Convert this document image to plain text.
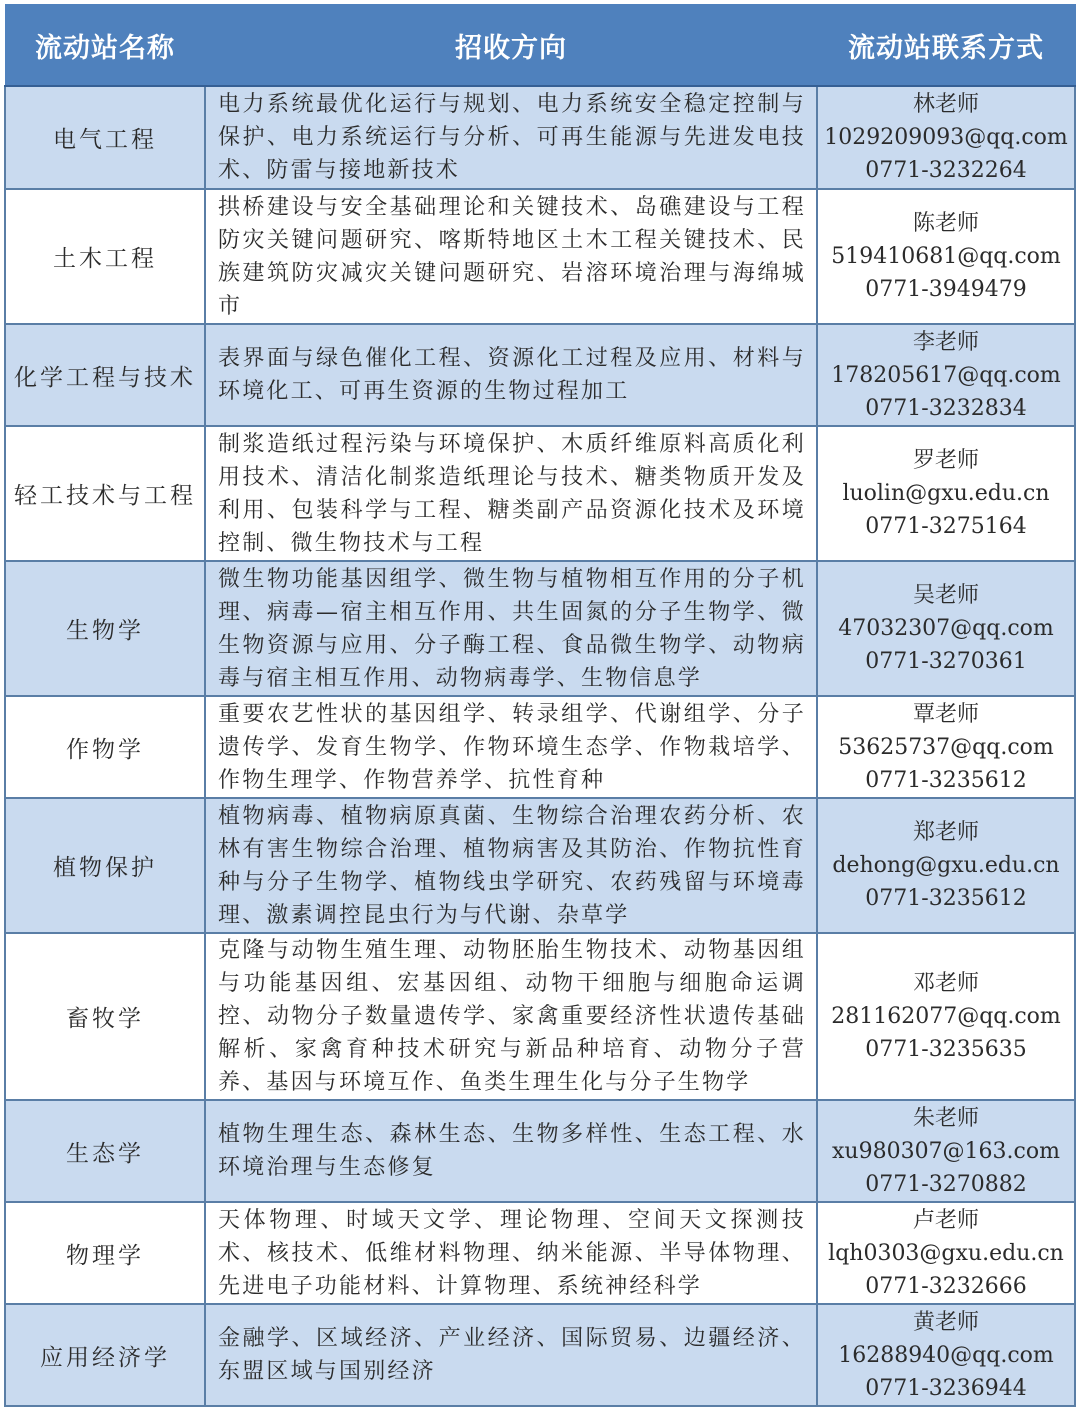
流动站名称	招收方向	流动站联系方式
电气工程	电力系统最优化运行与规划、电力系统安全稳定控制与保护、电力系统运行与分析、可再生能源与先进发电技术、防雷与接地新技术	林老师
1029209093@qq.com
0771-3232264

土木工程	拱桥建设与安全基础理论和关键技术、岛礁建设与工程防灾关键问题研究、喀斯特地区土木工程关键技术、民族建筑防灾减灾关键问题研究、岩溶环境治理与海绵城市	陈老师
519410681@qq.com
0771-3949479

化学工程与技术	表界面与绿色催化工程、资源化工过程及应用、材料与环境化工、可再生资源的生物过程加工	李老师
178205617@qq.com
0771-3232834

轻工技术与工程	制浆造纸过程污染与环境保护、木质纤维原料高质化利用技术、清洁化制浆造纸理论与技术、糖类物质开发及利用、包装科学与工程、糖类副产品资源化技术及环境控制、微生物技术与工程	罗老师
luolin@gxu.edu.cn
0771-3275164

生物学	微生物功能基因组学、微生物与植物相互作用的分子机理、病毒—宿主相互作用、共生固氮的分子生物学、微生物资源与应用、分子酶工程、食品微生物学、动物病毒与宿主相互作用、动物病毒学、生物信息学	吴老师
47032307@qq.com
0771-3270361

作物学	重要农艺性状的基因组学、转录组学、代谢组学、分子遗传学、发育生物学、作物环境生态学、作物栽培学、作物生理学、作物营养学、抗性育种	覃老师
53625737@qq.com
0771-3235612

植物保护	植物病毒、植物病原真菌、生物综合治理农药分析、农林有害生物综合治理、植物病害及其防治、作物抗性育种与分子生物学、植物线虫学研究、农药残留与环境毒理、激素调控昆虫行为与代谢、杂草学	郑老师
dehong@gxu.edu.cn
0771-3235612

畜牧学	克隆与动物生殖生理、动物胚胎生物技术、动物基因组与功能基因组、宏基因组、动物干细胞与细胞命运调控、动物分子数量遗传学、家禽重要经济性状遗传基础解析、家禽育种技术研究与新品种培育、动物分子营养、基因与环境互作、鱼类生理生化与分子生物学	邓老师
281162077@qq.com
0771-3235635

生态学	植物生理生态、森林生态、生物多样性、生态工程、水环境治理与生态修复	朱老师
xu980307@163.com
0771-3270882

物理学	天体物理、时域天文学、理论物理、空间天文探测技术、核技术、低维材料物理、纳米能源、半导体物理、先进电子功能材料、计算物理、系统神经科学	卢老师
lqh0303@gxu.edu.cn
0771-3232666

应用经济学	金融学、区域经济、产业经济、国际贸易、边疆经济、东盟区域与国别经济	黄老师
16288940@qq.com
0771-3236944
